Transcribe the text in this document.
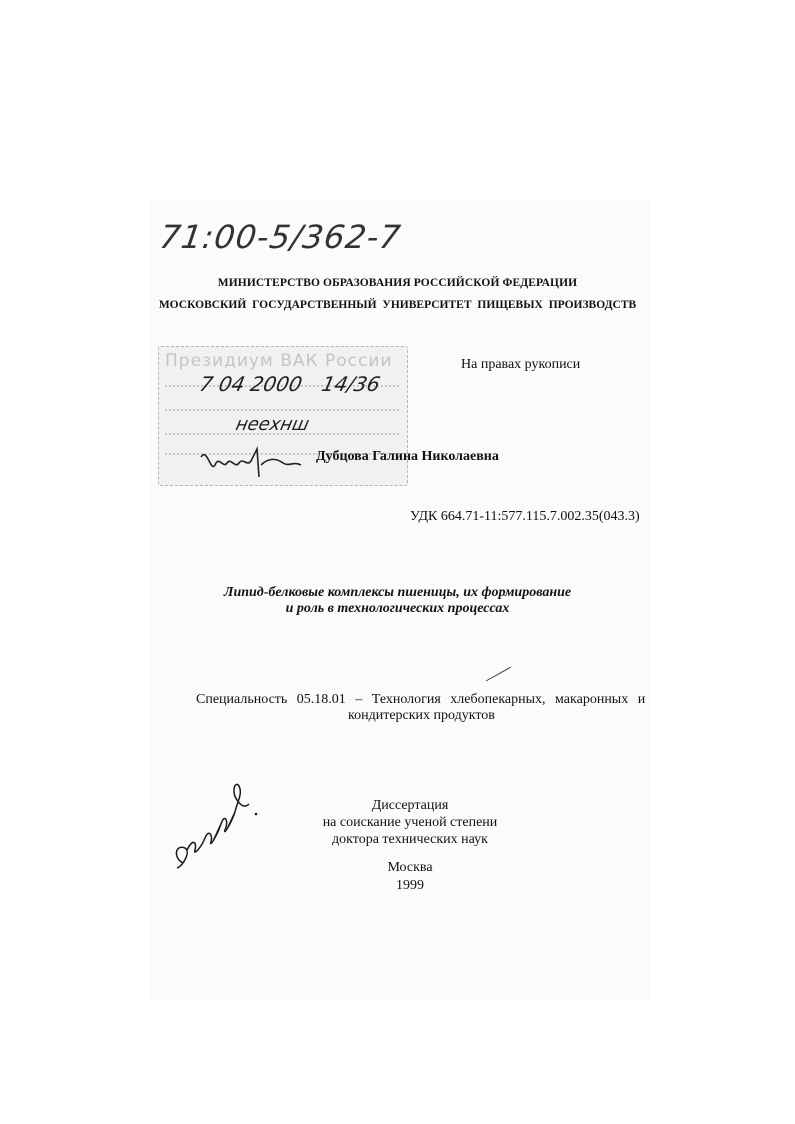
71:00-5/362-7
МИНИСТЕРСТВО ОБРАЗОВАНИЯ РОССИЙСКОЙ ФЕДЕРАЦИИ
МОСКОВСКИЙ ГОСУДАРСТВЕННЫЙ УНИВЕРСИТЕТ ПИЩЕВЫХ ПРОИЗВОДСТВ
Президиум ВАК России
7 04 2000 14/36
неехнш
На правах рукописи
Дубцова Галина Николаевна
УДК 664.71-11:577.115.7.002.35(043.3)
Липид-белковые комплексы пшеницы, их формирование
и роль в технологических процессах
Специальность 05.18.01 – Технология хлебопекарных, макаронных и
кондитерских продуктов
Диссертация
на соискание ученой степени
доктора технических наук
Москва
1999
